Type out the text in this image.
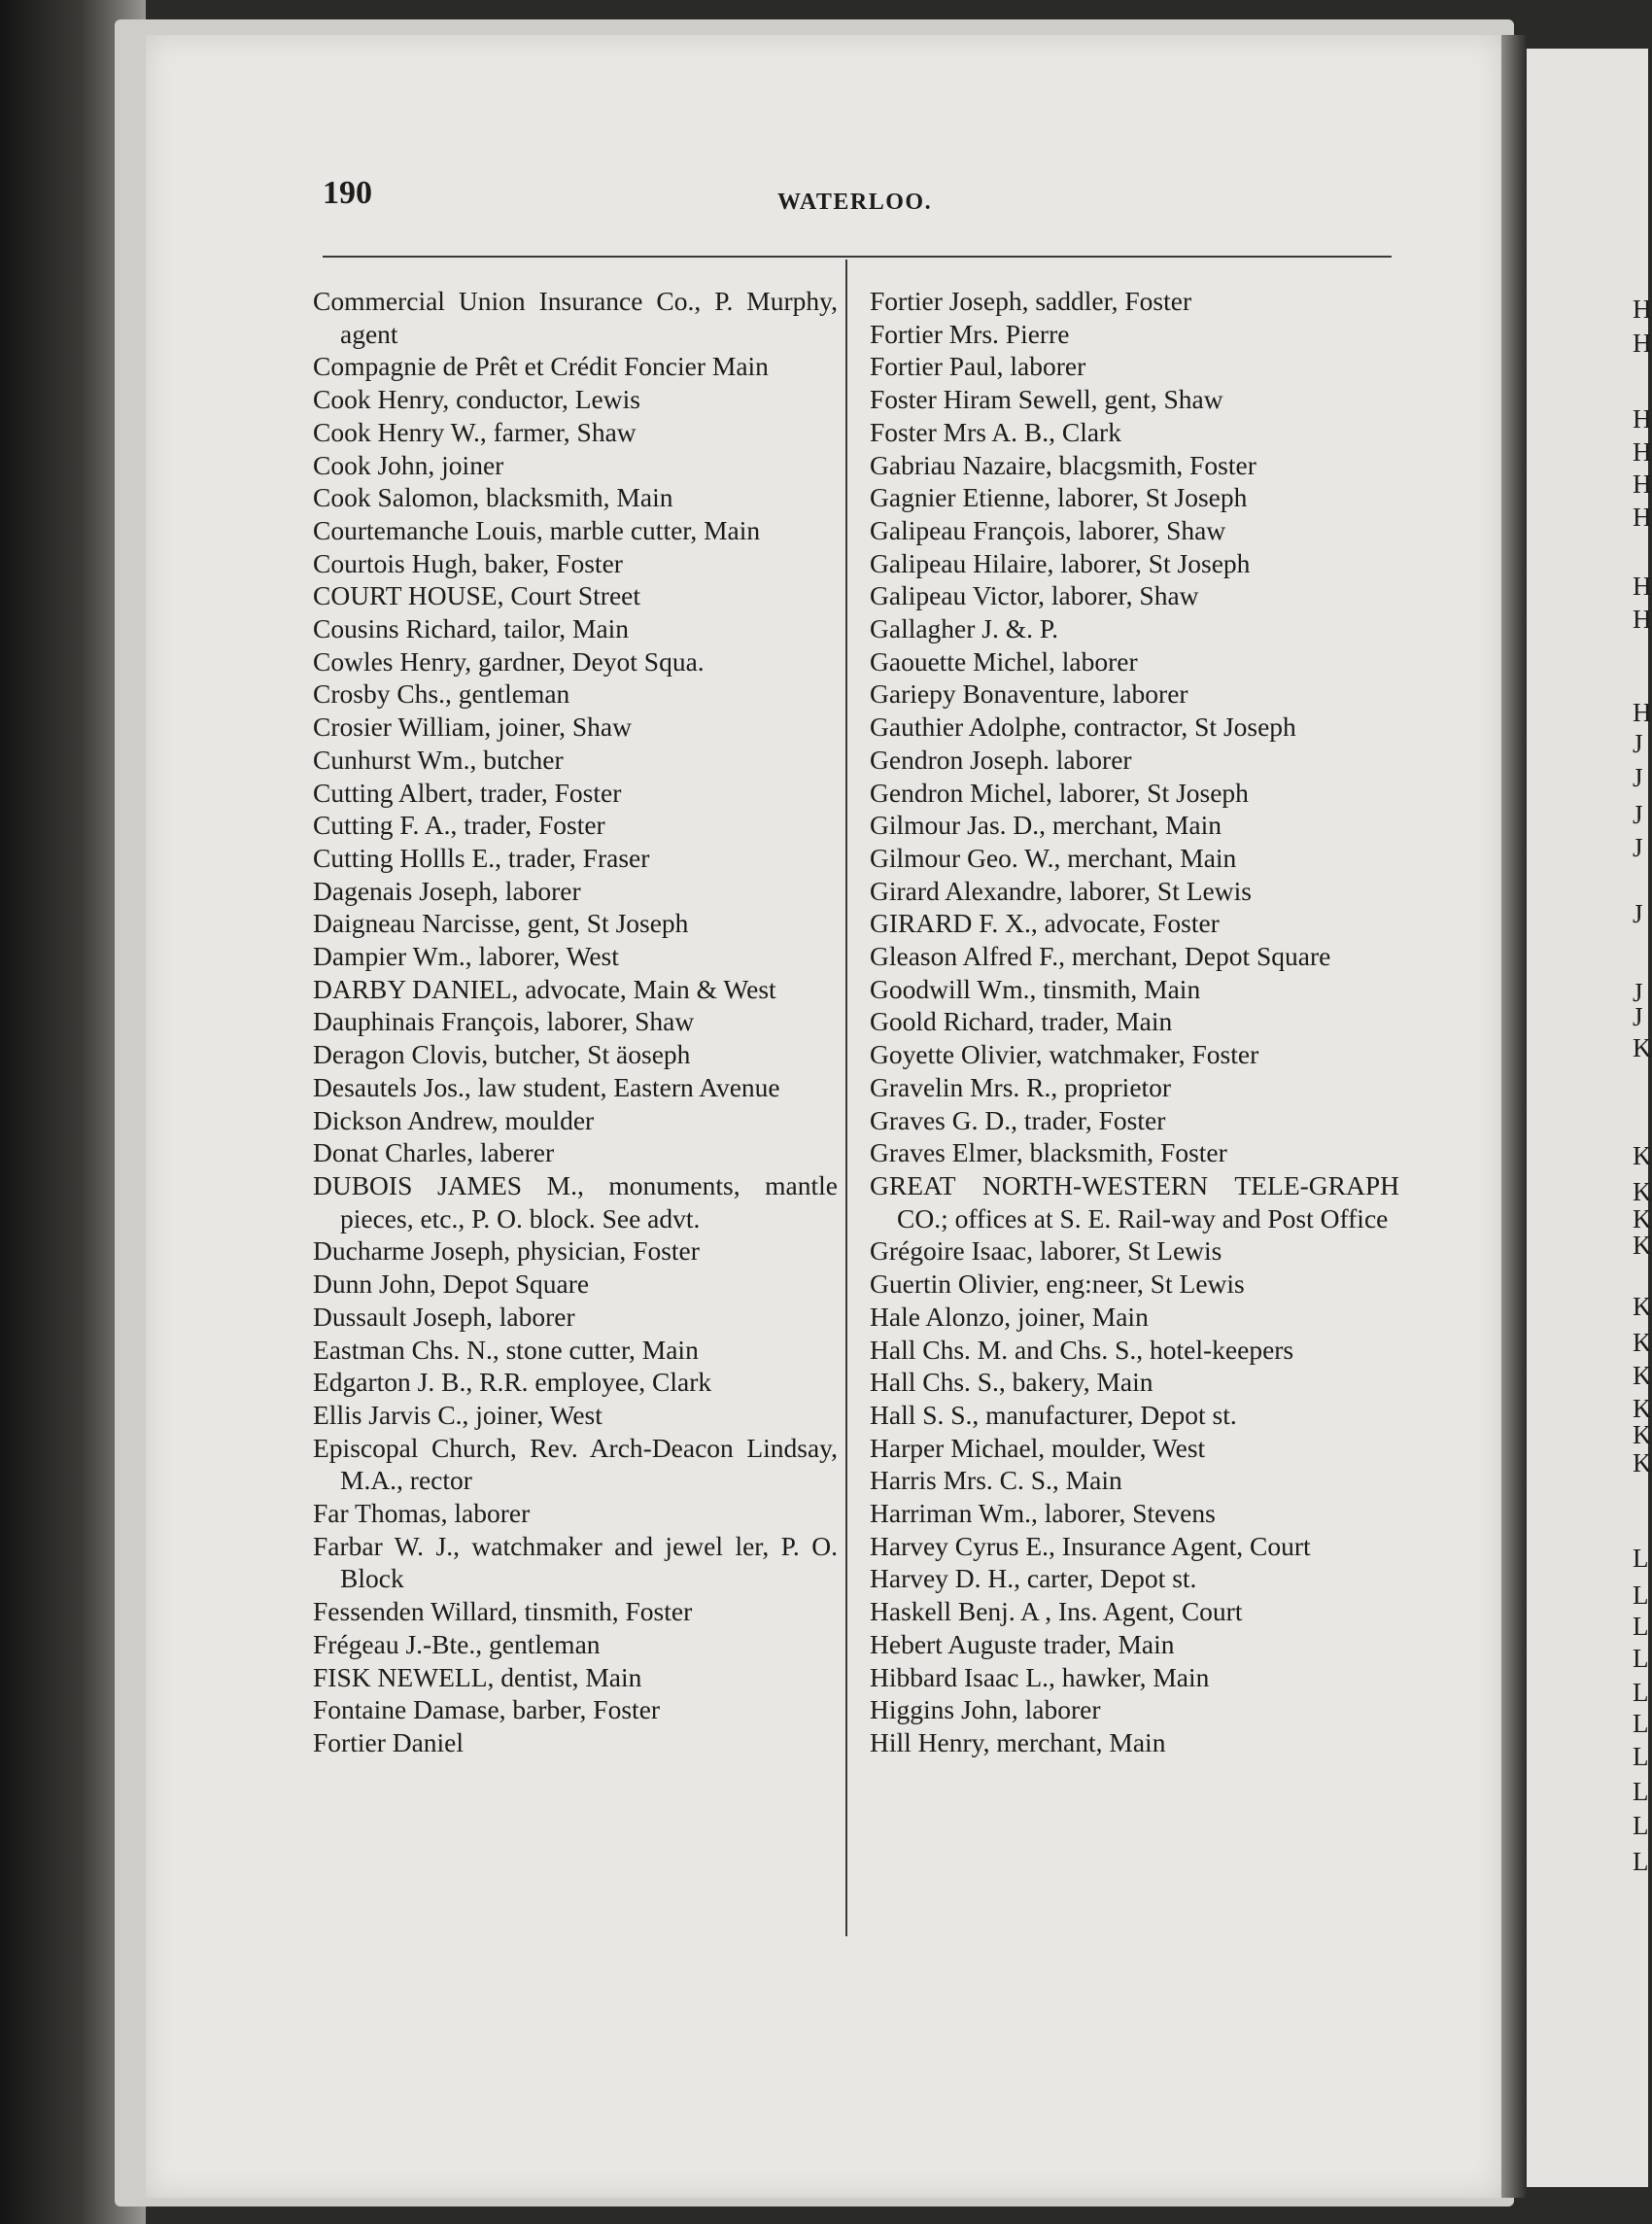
H
H
H
H
H
H
H
H
H
J
J
J
J
J
J
J
K
K
K
K
K
K
K
K
K
K
K
L
L
L
L
L
L
L
L
L
L
190	WATERLOO.
Commercial Union Insurance Co., P. Murphy, agent
Compagnie de Prêt et Crédit Foncier Main
Cook Henry, conductor, Lewis
Cook Henry W., farmer, Shaw
Cook John, joiner
Cook Salomon, blacksmith, Main
Courtemanche Louis, marble cutter, Main
Courtois Hugh, baker, Foster
COURT HOUSE, Court Street
Cousins Richard, tailor, Main
Cowles Henry, gardner, Deyot Squa.
Crosby Chs., gentleman
Crosier William, joiner, Shaw
Cunhurst Wm., butcher
Cutting Albert, trader, Foster
Cutting F. A., trader, Foster
Cutting Hollls E., trader, Fraser
Dagenais Joseph, laborer
Daigneau Narcisse, gent, St Joseph
Dampier Wm., laborer, West
DARBY DANIEL, advocate, Main & West
Dauphinais François, laborer, Shaw
Deragon Clovis, butcher, St äoseph
Desautels Jos., law student, Eastern Avenue
Dickson Andrew, moulder
Donat Charles, laberer
DUBOIS JAMES M., monuments, mantle pieces, etc., P. O. block. See advt.
Ducharme Joseph, physician, Foster
Dunn John, Depot Square
Dussault Joseph, laborer
Eastman Chs. N., stone cutter, Main
Edgarton J. B., R.R. employee, Clark
Ellis Jarvis C., joiner, West
Episcopal Church, Rev. Arch-Deacon Lindsay, M.A., rector
Far Thomas, laborer
Farbar W. J., watchmaker and jewel ler, P. O. Block
Fessenden Willard, tinsmith, Foster
Frégeau J.-Bte., gentleman
FISK NEWELL, dentist, Main
Fontaine Damase, barber, Foster
Fortier Daniel
Fortier Joseph, saddler, Foster
Fortier Mrs. Pierre
Fortier Paul, laborer
Foster Hiram Sewell, gent, Shaw
Foster Mrs A. B., Clark
Gabriau Nazaire, blacgsmith, Foster
Gagnier Etienne, laborer, St Joseph
Galipeau François, laborer, Shaw
Galipeau Hilaire, laborer, St Joseph
Galipeau Victor, laborer, Shaw
Gallagher J. &. P.
Gaouette Michel, laborer
Gariepy Bonaventure, laborer
Gauthier Adolphe, contractor, St Joseph
Gendron Joseph. laborer
Gendron Michel, laborer, St Joseph
Gilmour Jas. D., merchant, Main
Gilmour Geo. W., merchant, Main
Girard Alexandre, laborer, St Lewis
GIRARD F. X., advocate, Foster
Gleason Alfred F., merchant, Depot Square
Goodwill Wm., tinsmith, Main
Goold Richard, trader, Main
Goyette Olivier, watchmaker, Foster
Gravelin Mrs. R., proprietor
Graves G. D., trader, Foster
Graves Elmer, blacksmith, Foster
GREAT NORTH-WESTERN TELE-GRAPH CO.; offices at S. E. Rail-way and Post Office
Grégoire Isaac, laborer, St Lewis
Guertin Olivier, eng:neer, St Lewis
Hale Alonzo, joiner, Main
Hall Chs. M. and Chs. S., hotel-keepers
Hall Chs. S., bakery, Main
Hall S. S., manufacturer, Depot st.
Harper Michael, moulder, West
Harris Mrs. C. S., Main
Harriman Wm., laborer, Stevens
Harvey Cyrus E., Insurance Agent, Court
Harvey D. H., carter, Depot st.
Haskell Benj. A , Ins. Agent, Court
Hebert Auguste trader, Main
Hibbard Isaac L., hawker, Main
Higgins John, laborer
Hill Henry, merchant, Main
